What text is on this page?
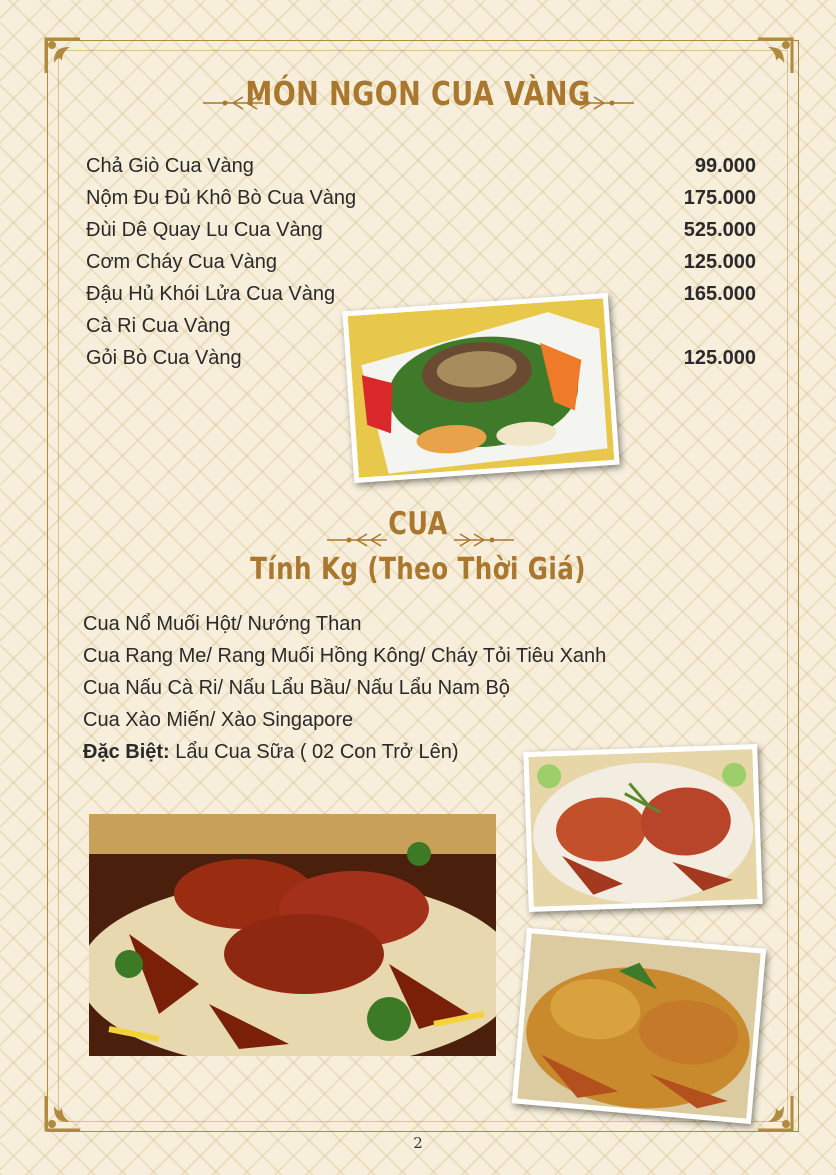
MÓN NGON CUA VÀNG
Chả Giò Cua Vàng	99.000
Nộm Đu Đủ Khô Bò Cua Vàng	175.000
Đùi Dê Quay Lu Cua Vàng	525.000
Cơm Cháy Cua Vàng	125.000
Đậu Hủ Khói Lửa Cua Vàng	165.000
Cà Ri Cua Vàng
Gỏi Bò Cua Vàng	125.000
CUA
Tính Kg (Theo Thời Giá)
Cua Nổ Muối Hột/ Nướng Than
Cua Rang Me/ Rang Muối Hồng Kông/ Cháy Tỏi Tiêu Xanh
Cua Nấu Cà Ri/ Nấu Lẩu Bầu/ Nấu Lẩu Nam Bộ
Cua Xào Miến/ Xào Singapore
Đặc Biệt: Lẩu Cua Sữa ( 02 Con Trở Lên)
2
